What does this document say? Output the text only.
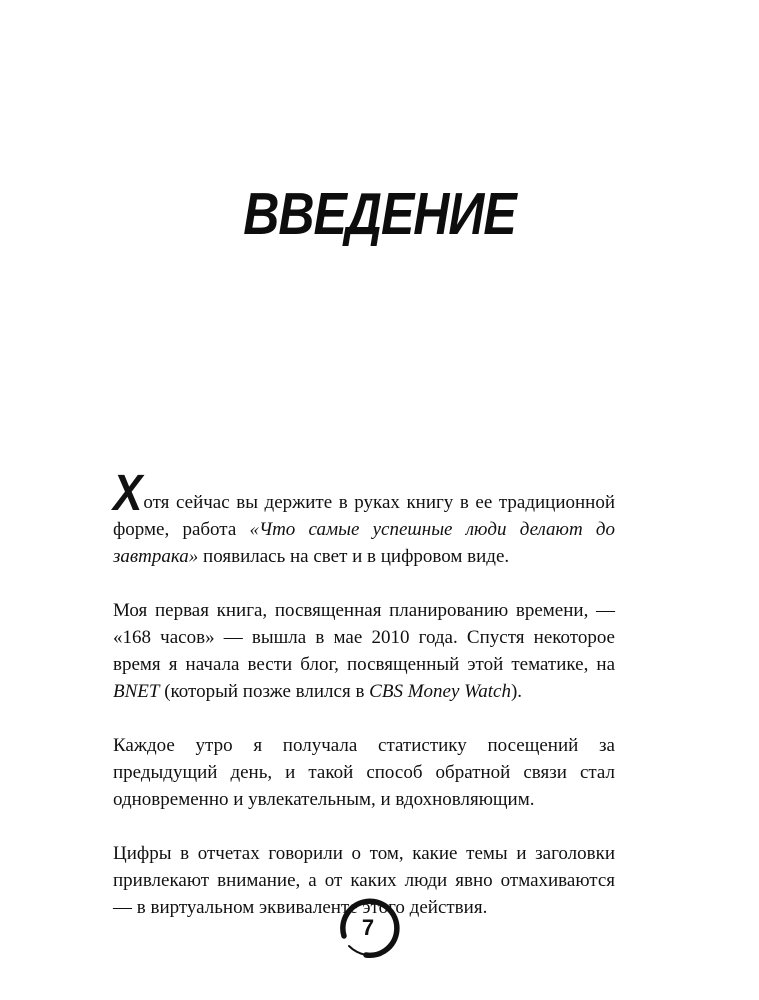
ВВЕДЕНИЕ

Хотя сейчас вы держите в руках книгу в ее традиционной форме, работа «Что самые успешные люди делают до завтрака» появилась на свет и в цифровом виде.

Моя первая книга, посвященная планированию времени, — «168 часов» — вышла в мае 2010 года. Спустя некоторое время я начала вести блог, посвященный этой тематике, на BNET (который позже влился в CBS Money Watch).

Каждое утро я получала статистику посещений за предыдущий день, и такой способ обратной связи стал одновременно и увлекательным, и вдохновляющим.

Цифры в отчетах говорили о том, какие темы и заголовки привлекают внимание, а от каких люди явно отмахиваются — в виртуальном эквиваленте этого действия.

7
